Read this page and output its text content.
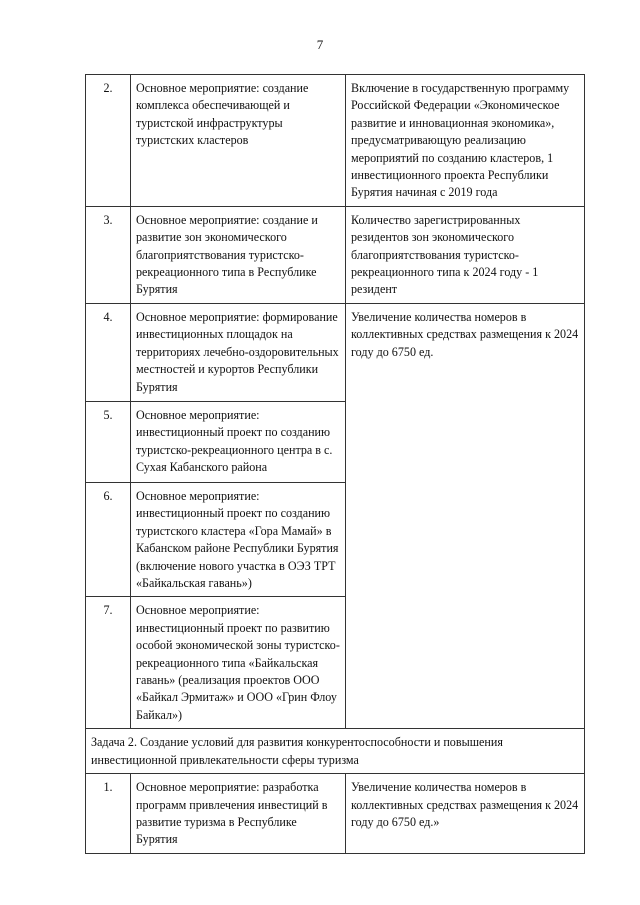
7
2.	Основное мероприятие: создание комплекса обеспечивающей и туристской инфраструктуры туристских кластеров	Включение в государственную программу Российской Федерации «Экономическое развитие и инновационная экономика», предусматривающую реализацию мероприятий по созданию кластеров, 1 инвестиционного проекта Республики Бурятия начиная с 2019 года
3.	Основное мероприятие: создание и развитие зон экономического благоприятствования туристско-рекреационного типа в Республике Бурятия	Количество зарегистрированных резидентов зон экономического благоприятствования туристско-рекреационного типа к 2024 году - 1 резидент
4.	Основное мероприятие: формирование инвестиционных площадок на территориях лечебно-оздоровительных местностей и курортов Республики Бурятия	Увеличение количества номеров в коллективных средствах размещения к 2024 году до 6750 ед.
5.	Основное мероприятие: инвестиционный проект по созданию туристско-рекреационного центра в с. Сухая Кабанского района	
6.	Основное мероприятие: инвестиционный проект по созданию туристского кластера «Гора Мамай» в Кабанском районе Республики Бурятия (включение нового участка в ОЭЗ ТРТ «Байкальская гавань»)	
7.	Основное мероприятие: инвестиционный проект по развитию особой экономической зоны туристско-рекреационного типа «Байкальская гавань» (реализация проектов ООО «Байкал Эрмитаж» и ООО «Грин Флоу Байкал»)	
Задача 2. Создание условий для развития конкурентоспособности и повышения инвестиционной привлекательности сферы туризма		
1.	Основное мероприятие: разработка программ привлечения инвестиций в развитие туризма в Республике Бурятия	Увеличение количества номеров в коллективных средствах размещения к 2024 году до 6750 ед.»
